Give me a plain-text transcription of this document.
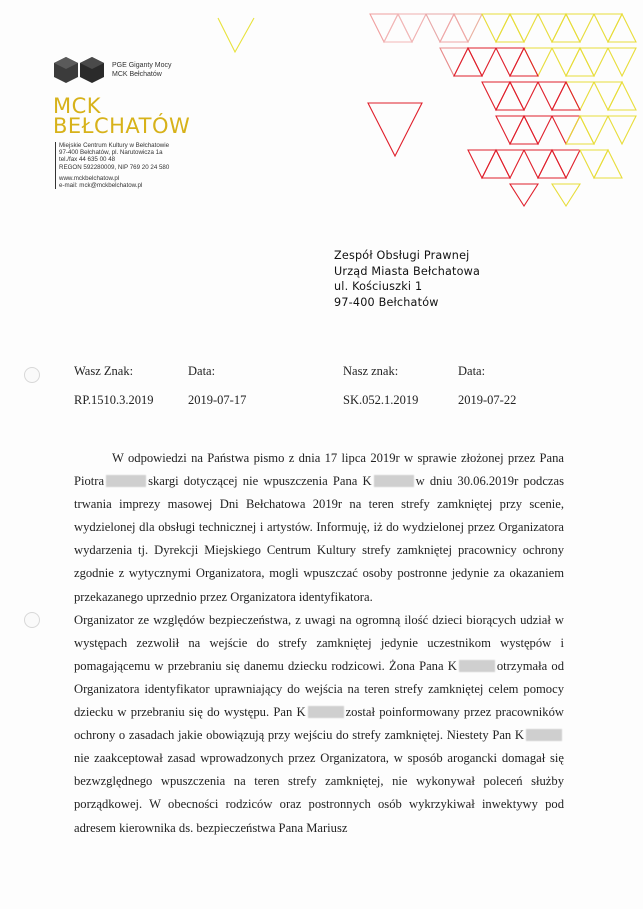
PGE Giganty Mocy
MCK Bełchatów
MCK
BEŁCHATÓW
Miejskie Centrum Kultury w Bełchatowie
97-400 Bełchatów, pl. Narutowicza 1a
tel./fax 44 635 00 48
REGON 592280009, NIP 769 20 24 580
www.mckbelchatow.pl
e-mail: mck@mckbelchatow.pl
Zespół Obsługi Prawnej
Urząd Miasta Bełchatowa
ul. Kościuszki 1
97-400 Bełchatów
Wasz Znak:	Data:	Nasz znak:	Data:
RP.1510.3.2019	2019-07-17	SK.052.1.2019	2019-07-22

W odpowiedzi na Państwa pismo z dnia 17 lipca 2019r w sprawie złożonej przez Pana Piotra	skargi dotyczącej nie wpuszczenia Pana K	w dniu 30.06.2019r podczas trwania imprezy masowej Dni Bełchatowa 2019r na teren strefy zamkniętej przy scenie, wydzielonej dla obsługi technicznej i artystów. Informuję, iż do wydzielonej przez Organizatora wydarzenia tj. Dyrekcji Miejskiego Centrum Kultury strefy zamkniętej pracownicy ochrony zgodnie z wytycznymi Organizatora, mogli wpuszczać osoby postronne jedynie za okazaniem przekazanego uprzednio przez Organizatora identyfikatora.

Organizator ze względów bezpieczeństwa, z uwagi na ogromną ilość dzieci biorących udział w występach zezwolił na wejście do strefy zamkniętej jedynie uczestnikom występów i pomagającemu w przebraniu się danemu dziecku rodzicowi. Żona Pana K	otrzymała od Organizatora identyfikator uprawniający do wejścia na teren strefy zamkniętej celem pomocy dziecku w przebraniu się do występu. Pan K	został poinformowany przez pracowników ochrony o zasadach jakie obowiązują przy wejściu do strefy zamkniętej. Niestety Pan Knie zaakceptował zasad wprowadzonych przez Organizatora, w sposób arogancki domagał się bezwzględnego wpuszczenia na teren strefy zamkniętej, nie wykonywał poleceń służby porządkowej. W obecności rodziców oraz postronnych osób wykrzykiwał inwektywy pod adresem kierownika ds. bezpieczeństwa Pana Mariusz
